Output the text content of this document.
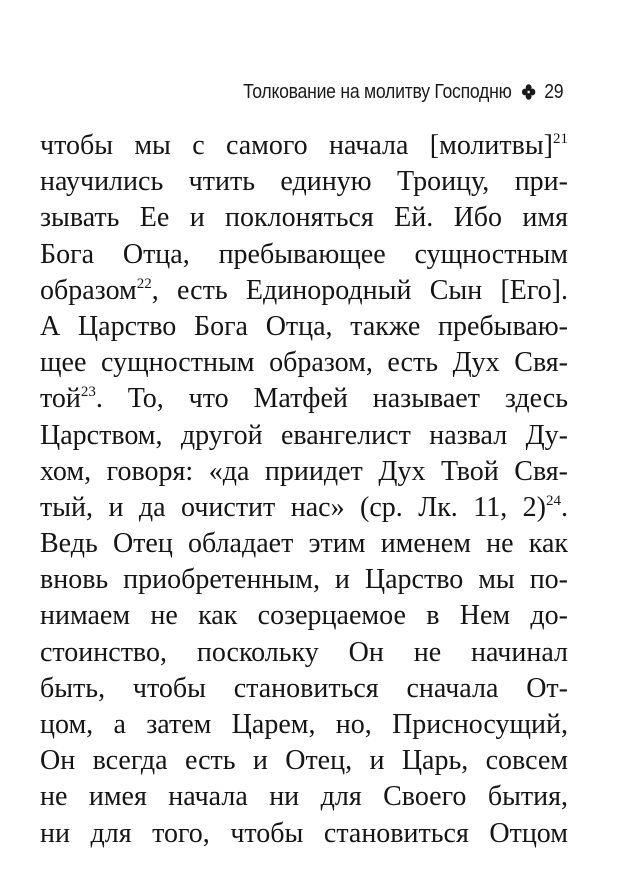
Толкование на молитву Господню 29
чтобы мы с самого начала [молитвы]$^{21}$
научились чтить единую Троицу, при-
зывать Ее и поклоняться Ей. Ибо имя
Бога Отца, пребывающее сущностным
образом$^{22}$, есть Единородный Сын [Его].
А Царство Бога Отца, также пребываю-
щее сущностным образом, есть Дух Свя-
той$^{23}$. То, что Матфей называет здесь
Царством, другой евангелист назвал Ду-
хом, говоря: «да приидет Дух Твой Свя-
тый, и да очистит нас» (ср. Лк. 11, 2)$^{24}$.
Ведь Отец обладает этим именем не как
вновь приобретенным, и Царство мы по-
нимаем не как созерцаемое в Нем до-
стоинство, поскольку Он не начинал
быть, чтобы становиться сначала От-
цом, а затем Царем, но, Присносущий,
Он всегда есть и Отец, и Царь, совсем
не имея начала ни для Своего бытия,
ни для того, чтобы становиться Отцом
